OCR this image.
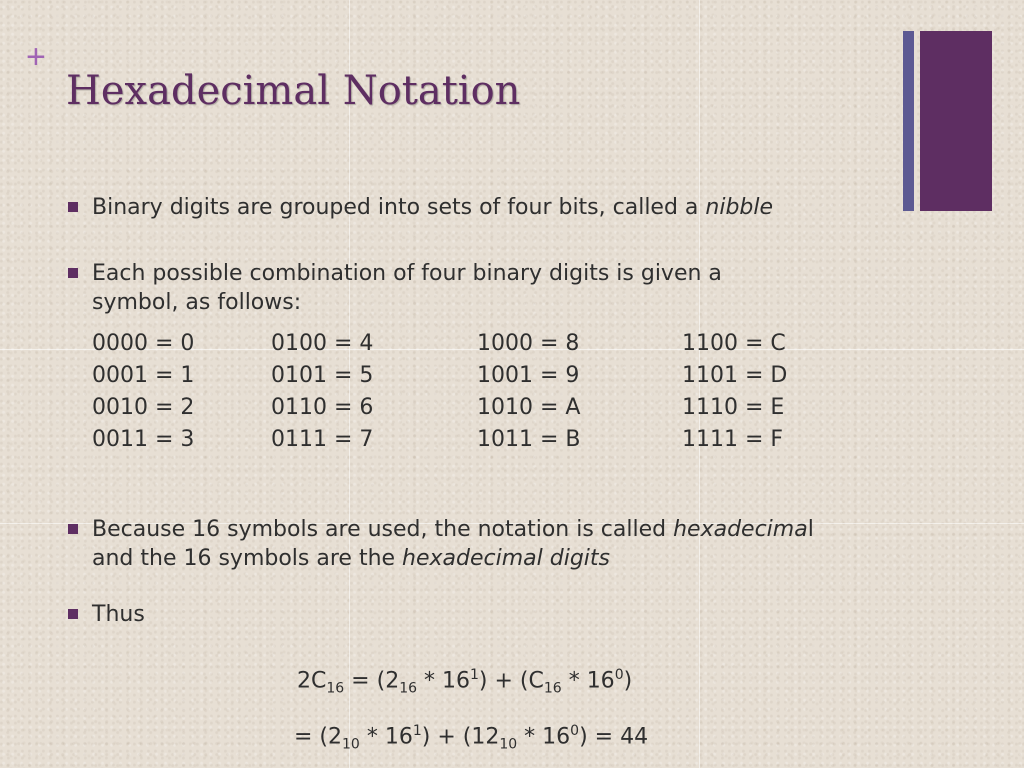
+
Hexadecimal Notation
Binary digits are grouped into sets of four bits, called a nibble
Each possible combination of four binary digits is given a
symbol, as follows:
0000 = 0	0100 = 4	1000 = 8	1100 = C
0001 = 1	0101 = 5	1001 = 9	1101 = D
0010 = 2	0110 = 6	1010 = A	1110 = E
0011 = 3	0111 = 7	1011 = B	1111 = F
Because 16 symbols are used, the notation is called hexadecimal
and the 16 symbols are the hexadecimal digits
Thus
$2C_{16} = (2_{16} * 16^1) + (C_{16} * 16^0)$
= $(2_{10} * 16^1) + (12_{10} * 16^0) = 44$
